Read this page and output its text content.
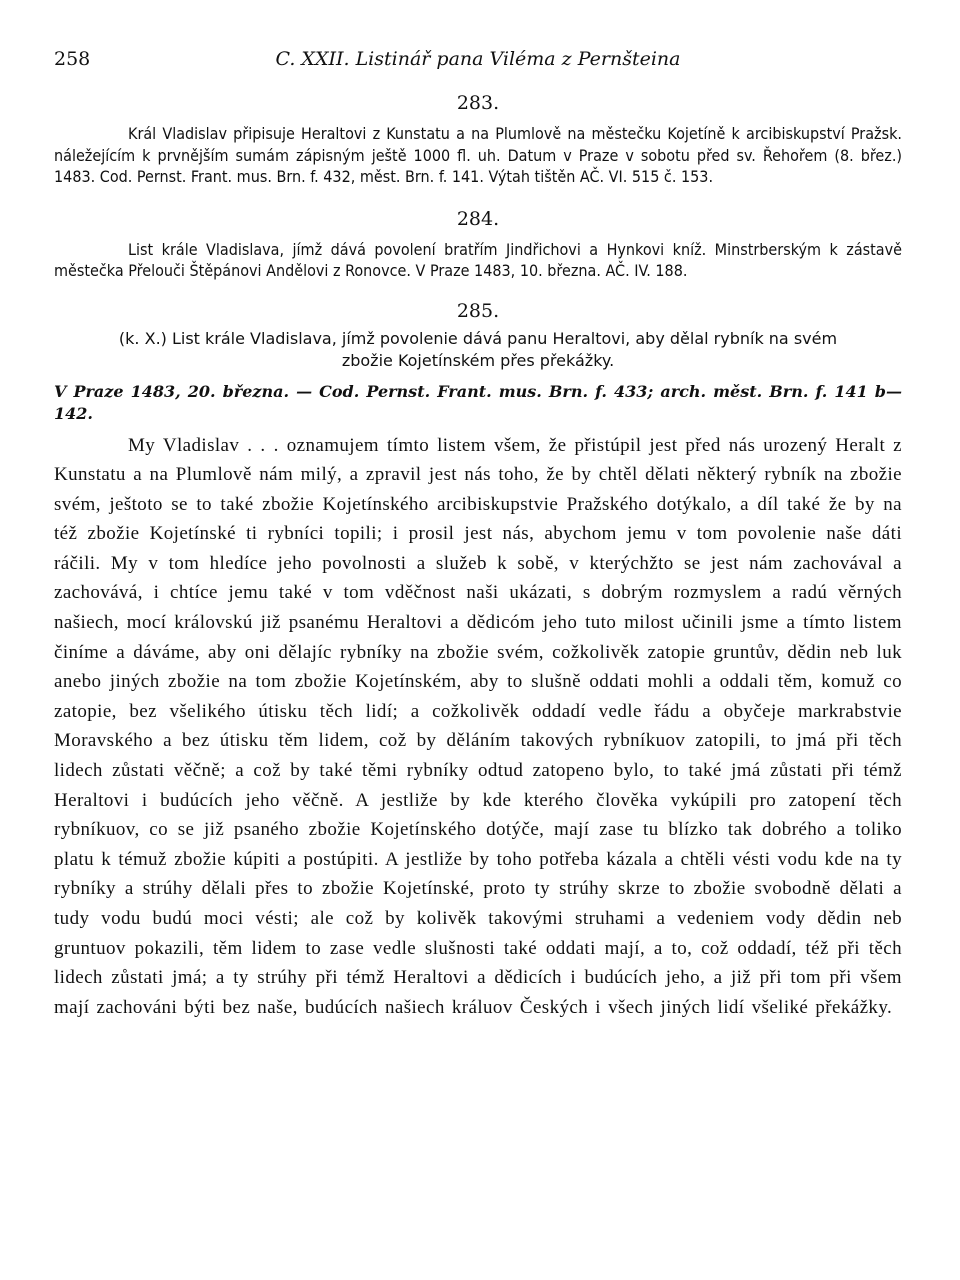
258	C. XXII. Listinář pana Viléma z Pernšteina
283.

Král Vladislav připisuje Heraltovi z Kunstatu a na Plumlově na městečku Kojetíně k arcibiskupství Pražsk. náležejícím k prvnějším sumám zápisným ještě 1000 fl. uh. Datum v Praze v sobotu před sv. Řehořem (8. břez.) 1483. Cod. Pernst. Frant. mus. Brn. f. 432, měst. Brn. f. 141. Výtah tištěn AČ. VI. 515 č. 153.

284.

List krále Vladislava, jímž dává povolení bratřím Jindřichovi a Hynkovi kníž. Minstrberským k zástavě městečka Přelouči Štěpánovi Andělovi z Ronovce. V Praze 1483, 10. března. AČ. IV. 188.

285.

(k. X.) List krále Vladislava, jímž povolenie dává panu Heraltovi, aby dělal rybník na svém

zbožie Kojetínském přes překážky.

V Praze 1483, 20. března. — Cod. Pernst. Frant. mus. Brn. f. 433; arch. měst. Brn. f. 141 b—142.

My Vladislav . . . oznamujem tímto listem všem, že přistúpil jest před nás urozený Heralt z Kunstatu a na Plumlově nám milý, a zpravil jest nás toho, že by chtěl dělati některý rybník na zbožie svém, ještoto se to také zbožie Kojetínského arcibiskupstvie Pražského dotýkalo, a díl také že by na též zbožie Kojetínské ti rybníci topili; i prosil jest nás, abychom jemu v tom povolenie naše dáti ráčili. My v tom hledíce jeho povolnosti a služeb k sobě, v kterýchžto se jest nám zachovával a zachovává, i chtíce jemu také v tom vděčnost naši ukázati, s dobrým rozmyslem a radú věrných našiech, mocí královskú již psanému Heraltovi a dědicóm jeho tuto milost učinili jsme a tímto listem činíme a dáváme, aby oni dělajíc rybníky na zbožie svém, cožkolivěk zatopie gruntův, dědin neb luk anebo jiných zbožie na tom zbožie Kojetínském, aby to slušně oddati mohli a oddali těm, komuž co zatopie, bez všelikého útisku těch lidí; a cožkolivěk oddadí vedle řádu a obyčeje markrabstvie Moravského a bez útisku těm lidem, což by děláním takových rybníkuov zatopili, to jmá při těch lidech zůstati věčně; a což by také těmi rybníky odtud zatopeno bylo, to také jmá zůstati při témž Heraltovi i budúcích jeho věčně. A jestliže by kde kterého člověka vykúpili pro zatopení těch rybníkuov, co se již psaného zbožie Kojetínského dotýče, mají zase tu blízko tak dobrého a toliko platu k témuž zbožie kúpiti a postúpiti. A jestliže by toho potřeba kázala a chtěli vésti vodu kde na ty rybníky a strúhy dělali přes to zbožie Kojetínské, proto ty strúhy skrze to zbožie svobodně dělati a tudy vodu budú moci vésti; ale což by kolivěk takovými struhami a vedeniem vody dědin neb gruntuov pokazili, těm lidem to zase vedle slušnosti také oddati mají, a to, což oddadí, též při těch lidech zůstati jmá; a ty strúhy při témž Heraltovi a dědicích i budúcích jeho, a již při tom při všem mají zachováni býti bez naše, budúcích našiech králuov Českých i všech jiných lidí všeliké překážky.
